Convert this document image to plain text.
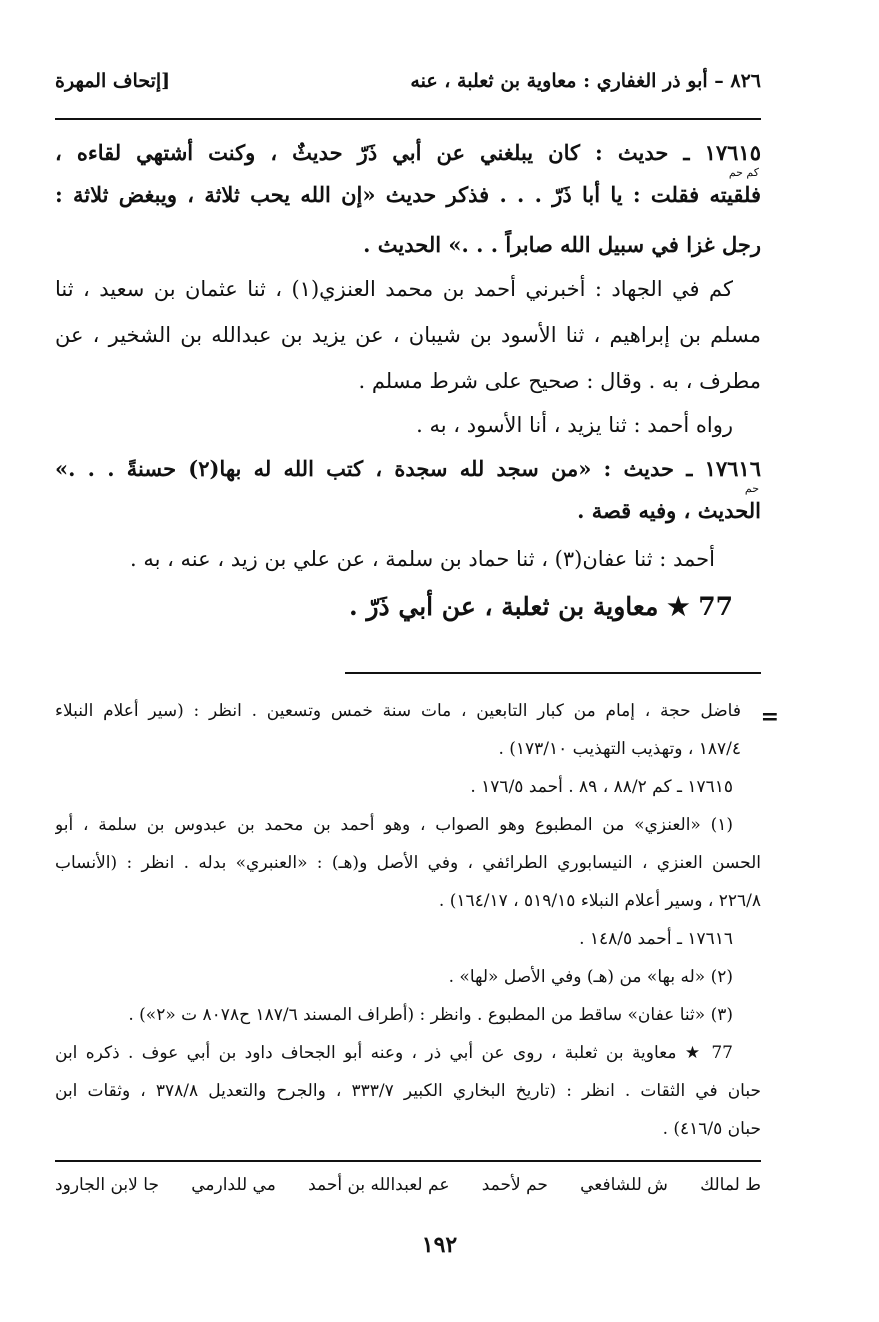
٨٢٦ – أبو ذر الغفاري : معاوية بن ثعلبة ، عنه
[إتحاف المهرة
١٧٦١٥ ـ حديث : كان يبلغني عن أبي ذَرّ حديثٌ ، وكنت أشتهي لقاءه ،
كم حم
فلقيته فقلت : يا أبا ذَرّ . . . فذكر حديث «إن الله يحب ثلاثة ، ويبغض ثلاثة :
رجل غزا في سبيل الله صابراً . . .» الحديث .
كم في الجهاد : أخبرني أحمد بن محمد العنزي(١) ، ثنا عثمان بن سعيد ، ثنا
مسلم بن إبراهيم ، ثنا الأسود بن شيبان ، عن يزيد بن عبدالله بن الشخير ، عن
مطرف ، به . وقال : صحيح على شرط مسلم .
رواه أحمد : ثنا يزيد ، أنا الأسود ، به .
١٧٦١٦ ـ حديث : «من سجد لله سجدة ، كتب الله له بها(٢) حسنةً . . .»
حم
الحديث ، وفيه قصة .
أحمد : ثنا عفان(٣) ، ثنا حماد بن سلمة ، عن علي بن زيد ، عنه ، به .
77 ★ معاوية بن ثعلبة ، عن أبي ذَرّ .
=
فاضل حجة ، إمام من كبار التابعين ، مات سنة خمس وتسعين . انظر : (سير أعلام النبلاء
١٨٧/٤ ، وتهذيب التهذيب ١٧٣/١٠) .
١٧٦١٥ ـ كم ٨٨/٢ ، ٨٩ . أحمد ١٧٦/٥ .
(١) «العنزي» من المطبوع وهو الصواب ، وهو أحمد بن محمد بن عبدوس بن سلمة ، أبو
الحسن العنزي ، النيسابوري الطرائفي ، وفي الأصل و(هـ) : «العنبري» بدله . انظر : (الأنساب
٢٢٦/٨ ، وسير أعلام النبلاء ٥١٩/١٥ ، ١٦٤/١٧) .
١٧٦١٦ ـ أحمد ١٤٨/٥ .
(٢) «له بها» من (هـ) وفي الأصل «لها» .
(٣) «ثنا عفان» ساقط من المطبوع . وانظر : (أطراف المسند ١٨٧/٦ ح٨٠٧٨ ت «٢») .
77 ★ معاوية بن ثعلبة ، روى عن أبي ذر ، وعنه أبو الجحاف داود بن أبي عوف . ذكره ابن
حبان في الثقات . انظر : (تاريخ البخاري الكبير ٣٣٣/٧ ، والجرح والتعديل ٣٧٨/٨ ، وثقات ابن
حبان ٤١٦/٥) .
ط لمالك
ش للشافعي
حم لأحمد
عم لعبدالله بن أحمد
مي للدارمي
جا لابن الجارود
١٩٢
